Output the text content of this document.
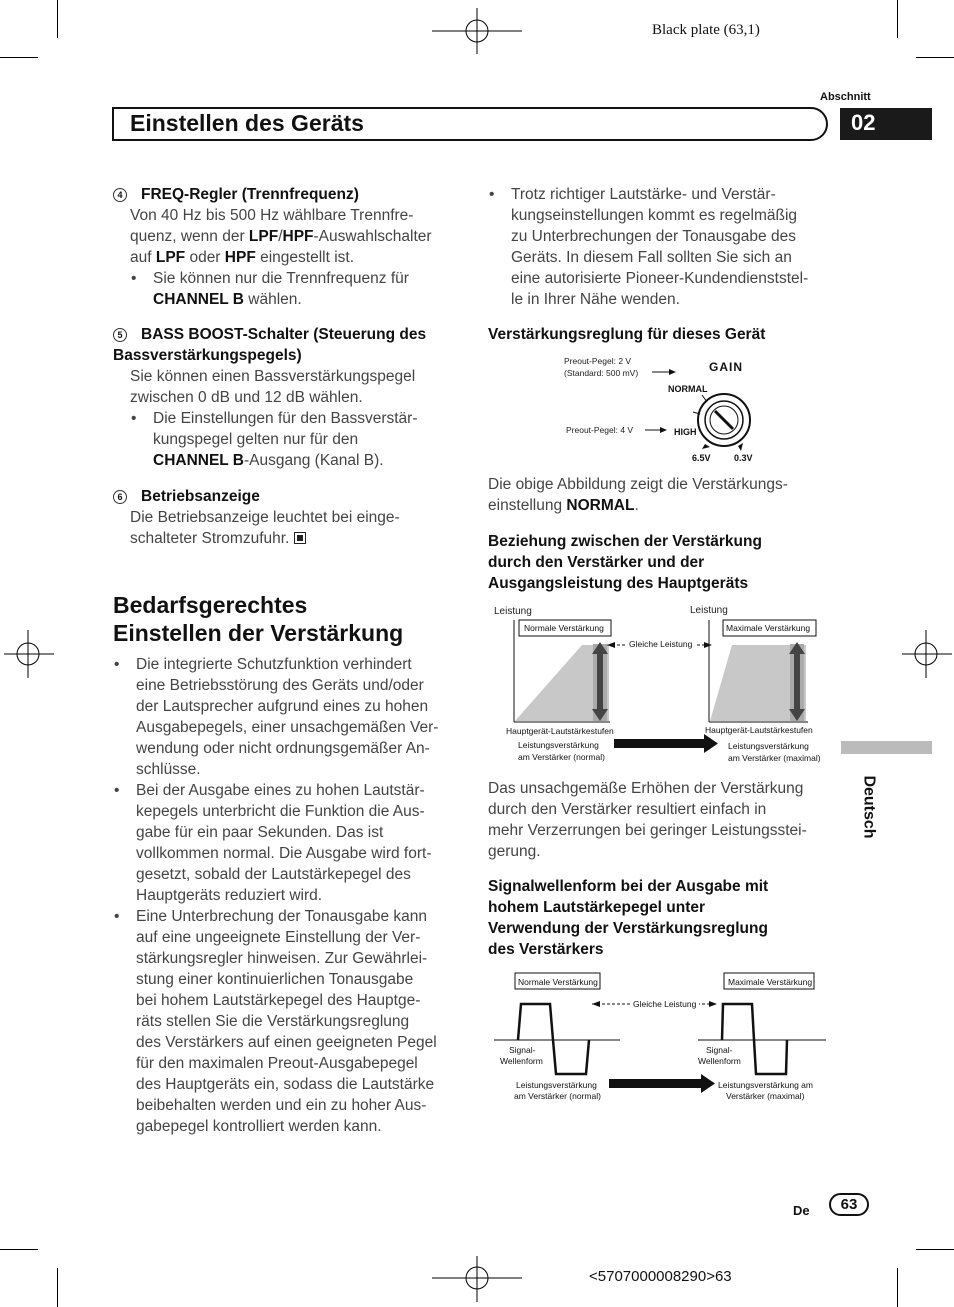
Black plate (63,1)
Abschnitt
Einstellen des Geräts	02
Deutsch
4 FREQ-Regler (Trennfrequenz)
Von 40 Hz bis 500 Hz wählbare Trennfre-
quenz, wenn der LPF/HPF-Auswahlschalter
auf LPF oder HPF eingestellt ist.
• Sie können nur die Trennfrequenz für
CHANNEL B wählen.
5 BASS BOOST-Schalter (Steuerung des
Bassverstärkungspegels)
Sie können einen Bassverstärkungspegel
zwischen 0 dB und 12 dB wählen.
• Die Einstellungen für den Bassverstär-
kungspegel gelten nur für den
CHANNEL B-Ausgang (Kanal B).
6 Betriebsanzeige
Die Betriebsanzeige leuchtet bei einge-
schalteter Stromzufuhr.
Bedarfsgerechtes
Einstellen der Verstärkung
• Die integrierte Schutzfunktion verhindert
eine Betriebsstörung des Geräts und/oder
der Lautsprecher aufgrund eines zu hohen
Ausgabepegels, einer unsachgemäßen Ver-
wendung oder nicht ordnungsgemäßer An-
schlüsse.
• Bei der Ausgabe eines zu hohen Lautstär-
kepegels unterbricht die Funktion die Aus-
gabe für ein paar Sekunden. Das ist
vollkommen normal. Die Ausgabe wird fort-
gesetzt, sobald der Lautstärkepegel des
Hauptgeräts reduziert wird.
• Eine Unterbrechung der Tonausgabe kann
auf eine ungeeignete Einstellung der Ver-
stärkungsregler hinweisen. Zur Gewährlei-
stung einer kontinuierlichen Tonausgabe
bei hohem Lautstärkepegel des Hauptge-
räts stellen Sie die Verstärkungsreglung
des Verstärkers auf einen geeigneten Pegel
für den maximalen Preout-Ausgabepegel
des Hauptgeräts ein, sodass die Lautstärke
beibehalten werden und ein zu hoher Aus-
gabepegel kontrolliert werden kann.
• Trotz richtiger Lautstärke- und Verstär-
kungseinstellungen kommt es regelmäßig
zu Unterbrechungen der Tonausgabe des
Geräts. In diesem Fall sollten Sie sich an
eine autorisierte Pioneer-Kundendienststel-
le in Ihrer Nähe wenden.
Verstärkungsreglung für dieses Gerät
Preout-Pegel: 2 V
(Standard: 500 mV)	GAIN
NORMAL
Preout-Pegel: 4 V	HIGH
6.5V	0.3V
Die obige Abbildung zeigt die Verstärkungs-
einstellung NORMAL.
Beziehung zwischen der Verstärkung
durch den Verstärker und der
Ausgangsleistung des Hauptgeräts
Leistung	Leistung
Normale Verstärkung	Maximale Verstärkung
Gleiche Leistung
Hauptgerät-Lautstärkestufen	Hauptgerät-Lautstärkestufen
Leistungsverstärkung
am Verstärker (normal)
Leistungsverstärkung
am Verstärker (maximal)
Das unsachgemäße Erhöhen der Verstärkung
durch den Verstärker resultiert einfach in
mehr Verzerrungen bei geringer Leistungsstei-
gerung.
Signalwellenform bei der Ausgabe mit
hohem Lautstärkepegel unter
Verwendung der Verstärkungsreglung
des Verstärkers
Normale Verstärkung	Maximale Verstärkung
Gleiche Leistung
Signal-
Wellenform
Signal-
Wellenform
Leistungsverstärkung
am Verstärker (normal)
Leistungsverstärkung am
Verstärker (maximal)
De	63
<5707000008290>63
